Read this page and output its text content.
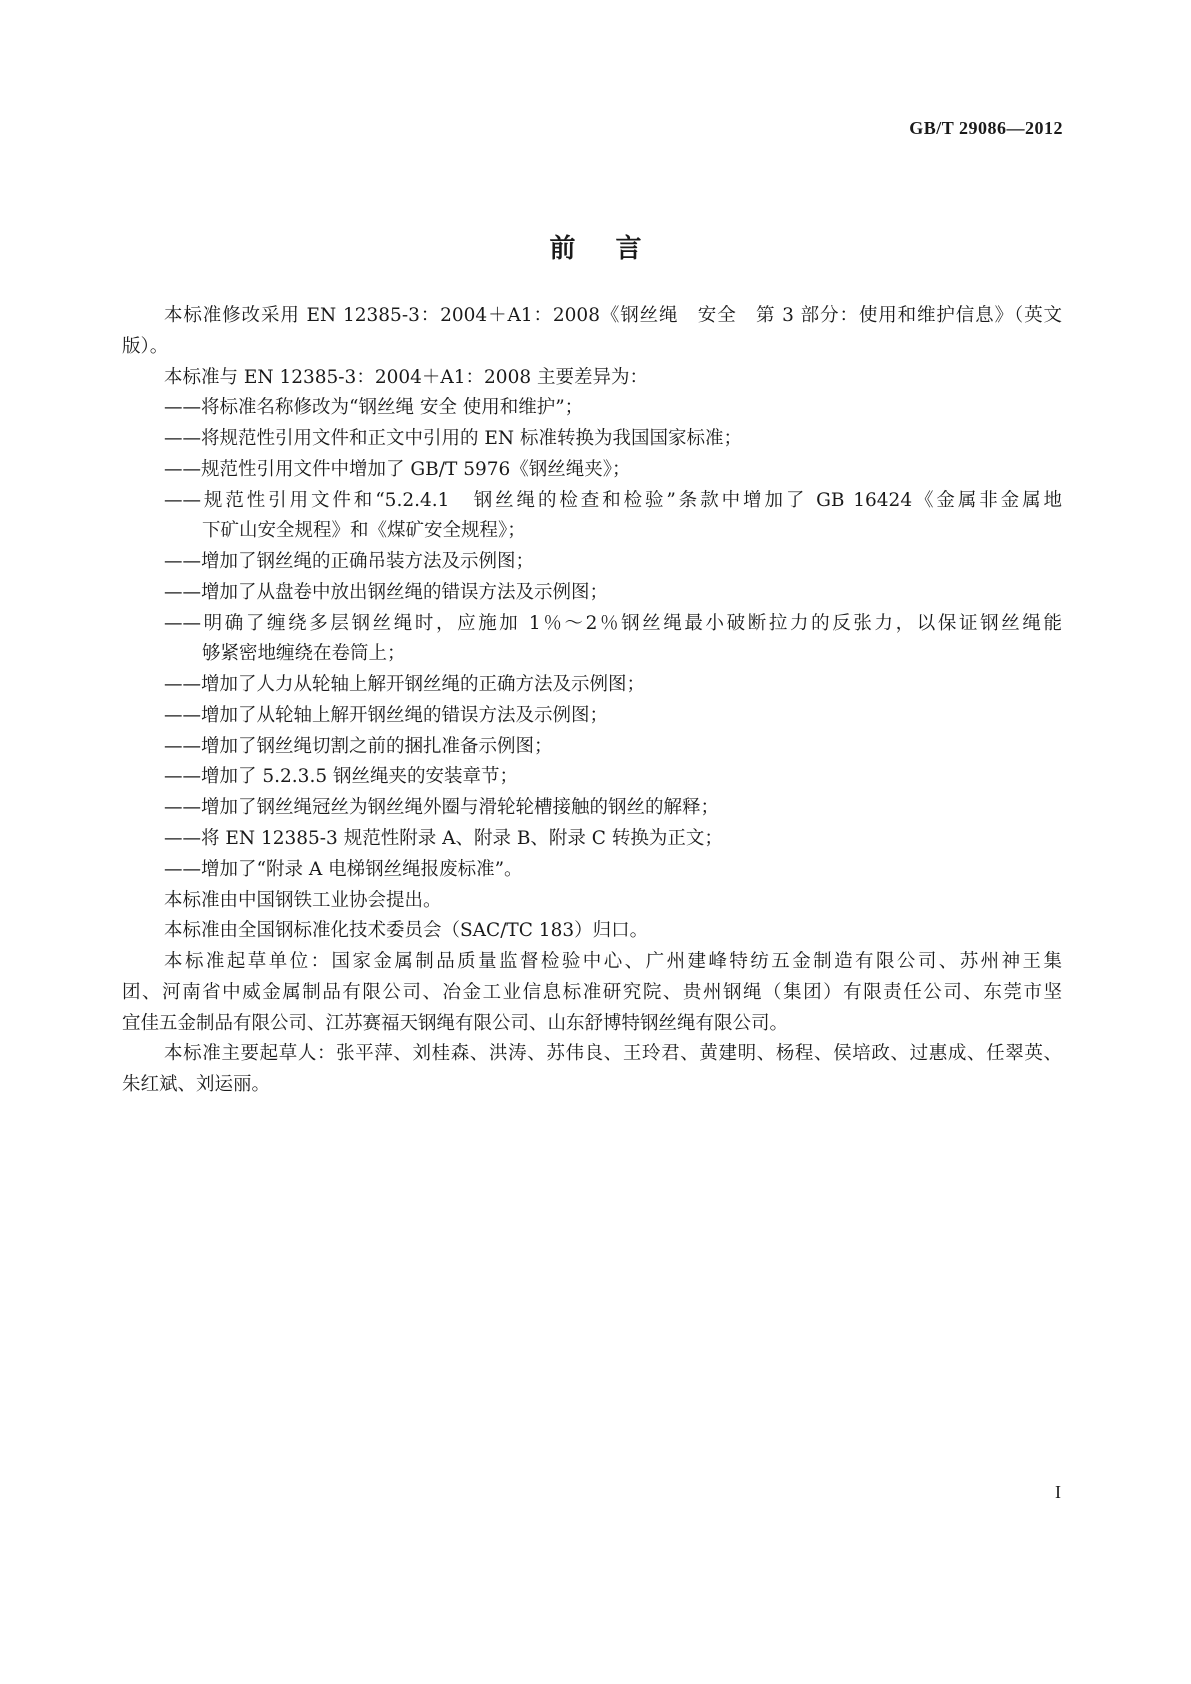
GB/T 29086—2012
前言
本标准修改采用 EN 12385-3：2004＋A1：2008《钢丝绳　安全　第 3 部分：使用和维护信息》（英文
版）。
本标准与 EN 12385-3：2004＋A1：2008 主要差异为：
——将标准名称修改为“钢丝绳 安全 使用和维护”；
——将规范性引用文件和正文中引用的 EN 标准转换为我国国家标准；
——规范性引用文件中增加了 GB/T 5976《钢丝绳夹》；
——规范性引用文件和“5.2.4.1　钢丝绳的检查和检验”条款中增加了 GB 16424《金属非金属地
下矿山安全规程》和《煤矿安全规程》；
——增加了钢丝绳的正确吊装方法及示例图；
——增加了从盘卷中放出钢丝绳的错误方法及示例图；
——明确了缠绕多层钢丝绳时，应施加 1％～2％钢丝绳最小破断拉力的反张力，以保证钢丝绳能
够紧密地缠绕在卷筒上；
——增加了人力从轮轴上解开钢丝绳的正确方法及示例图；
——增加了从轮轴上解开钢丝绳的错误方法及示例图；
——增加了钢丝绳切割之前的捆扎准备示例图；
——增加了 5.2.3.5 钢丝绳夹的安装章节；
——增加了钢丝绳冠丝为钢丝绳外圈与滑轮轮槽接触的钢丝的解释；
——将 EN 12385-3 规范性附录 A、附录 B、附录 C 转换为正文；
——增加了“附录 A 电梯钢丝绳报废标准”。
本标准由中国钢铁工业协会提出。
本标准由全国钢标准化技术委员会（SAC/TC 183）归口。
本标准起草单位：国家金属制品质量监督检验中心、广州建峰特纺五金制造有限公司、苏州神王集
团、河南省中威金属制品有限公司、冶金工业信息标准研究院、贵州钢绳（集团）有限责任公司、东莞市坚
宜佳五金制品有限公司、江苏赛福天钢绳有限公司、山东舒博特钢丝绳有限公司。
本标准主要起草人：张平萍、刘桂森、洪涛、苏伟良、王玲君、黄建明、杨程、侯培政、过惠成、任翠英、
朱红斌、刘运丽。
I
